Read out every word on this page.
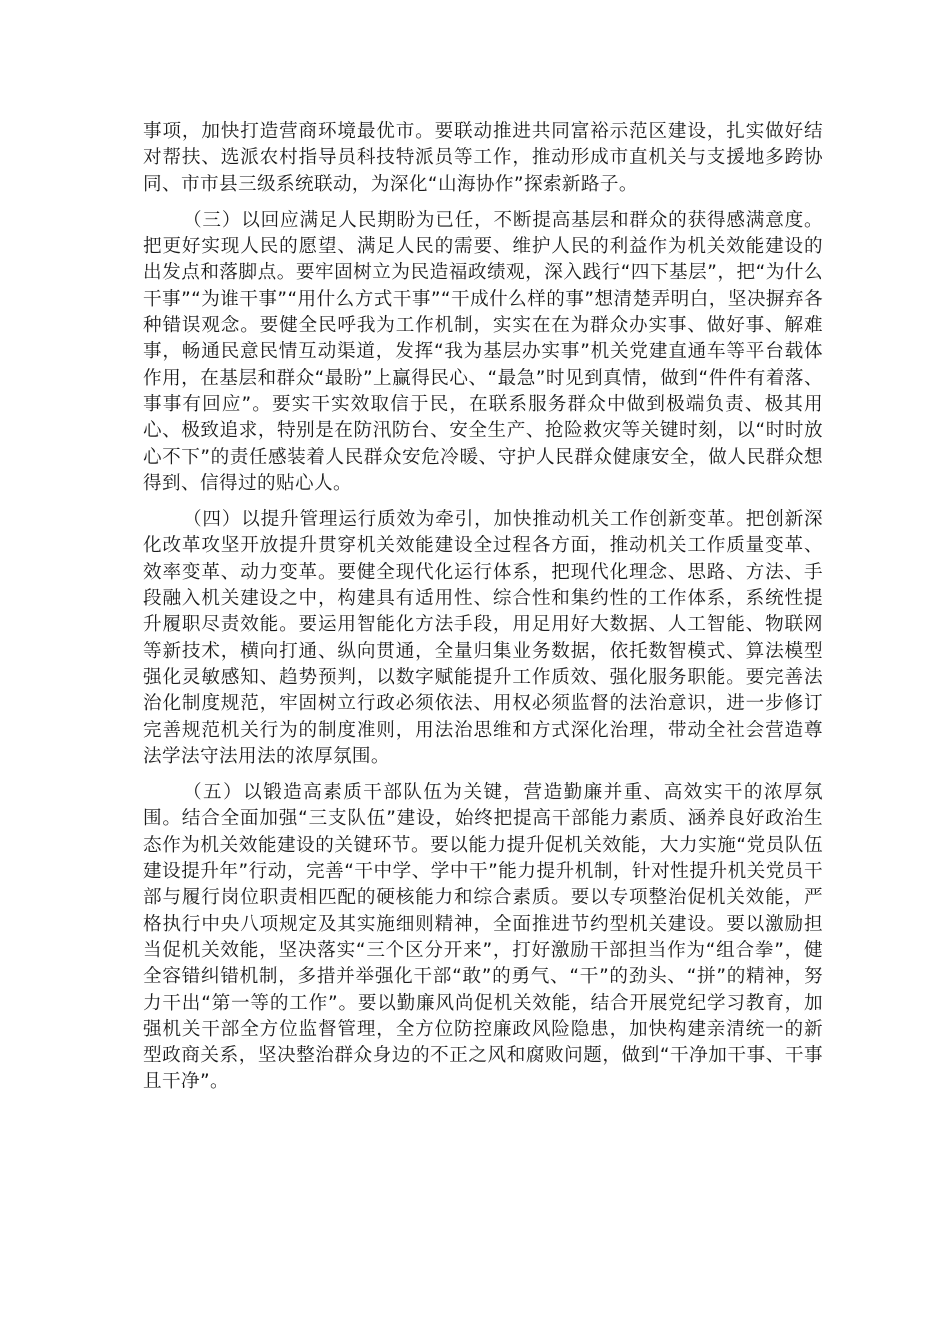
事项，加快打造营商环境最优市。要联动推进共同富裕示范区建设，扎实做好结对帮扶、选派农村指导员科技特派员等工作，推动形成市直机关与支援地多跨协同、市市县三级系统联动，为深化“山海协作”探索新路子。

（三）以回应满足人民期盼为已任，不断提高基层和群众的获得感满意度。把更好实现人民的愿望、满足人民的需要、维护人民的利益作为机关效能建设的出发点和落脚点。要牢固树立为民造福政绩观，深入践行“四下基层”，把“为什么干事”“为谁干事”“用什么方式干事”“干成什么样的事”想清楚弄明白，坚决摒弃各种错误观念。要健全民呼我为工作机制，实实在在为群众办实事、做好事、解难事，畅通民意民情互动渠道，发挥“我为基层办实事”机关党建直通车等平台载体作用，在基层和群众“最盼”上赢得民心、“最急”时见到真情，做到“件件有着落、事事有回应”。要实干实效取信于民，在联系服务群众中做到极端负责、极其用心、极致追求，特别是在防汛防台、安全生产、抢险救灾等关键时刻，以“时时放心不下”的责任感装着人民群众安危冷暖、守护人民群众健康安全，做人民群众想得到、信得过的贴心人。

（四）以提升管理运行质效为牵引，加快推动机关工作创新变革。把创新深化改革攻坚开放提升贯穿机关效能建设全过程各方面，推动机关工作质量变革、效率变革、动力变革。要健全现代化运行体系，把现代化理念、思路、方法、手段融入机关建设之中，构建具有适用性、综合性和集约性的工作体系，系统性提升履职尽责效能。要运用智能化方法手段，用足用好大数据、人工智能、物联网等新技术，横向打通、纵向贯通，全量归集业务数据，依托数智模式、算法模型强化灵敏感知、趋势预判，以数字赋能提升工作质效、强化服务职能。要完善法治化制度规范，牢固树立行政必须依法、用权必须监督的法治意识，进一步修订完善规范机关行为的制度准则，用法治思维和方式深化治理，带动全社会营造尊法学法守法用法的浓厚氛围。

（五）以锻造高素质干部队伍为关键，营造勤廉并重、高效实干的浓厚氛围。结合全面加强“三支队伍”建设，始终把提高干部能力素质、涵养良好政治生态作为机关效能建设的关键环节。要以能力提升促机关效能，大力实施“党员队伍建设提升年”行动，完善“干中学、学中干”能力提升机制，针对性提升机关党员干部与履行岗位职责相匹配的硬核能力和综合素质。要以专项整治促机关效能，严格执行中央八项规定及其实施细则精神，全面推进节约型机关建设。要以激励担当促机关效能，坚决落实“三个区分开来”，打好激励干部担当作为“组合拳”，健全容错纠错机制，多措并举强化干部“敢”的勇气、“干”的劲头、“拼”的精神，努力干出“第一等的工作”。要以勤廉风尚促机关效能，结合开展党纪学习教育，加强机关干部全方位监督管理，全方位防控廉政风险隐患，加快构建亲清统一的新型政商关系，坚决整治群众身边的不正之风和腐败问题，做到“干净加干事、干事且干净”。
